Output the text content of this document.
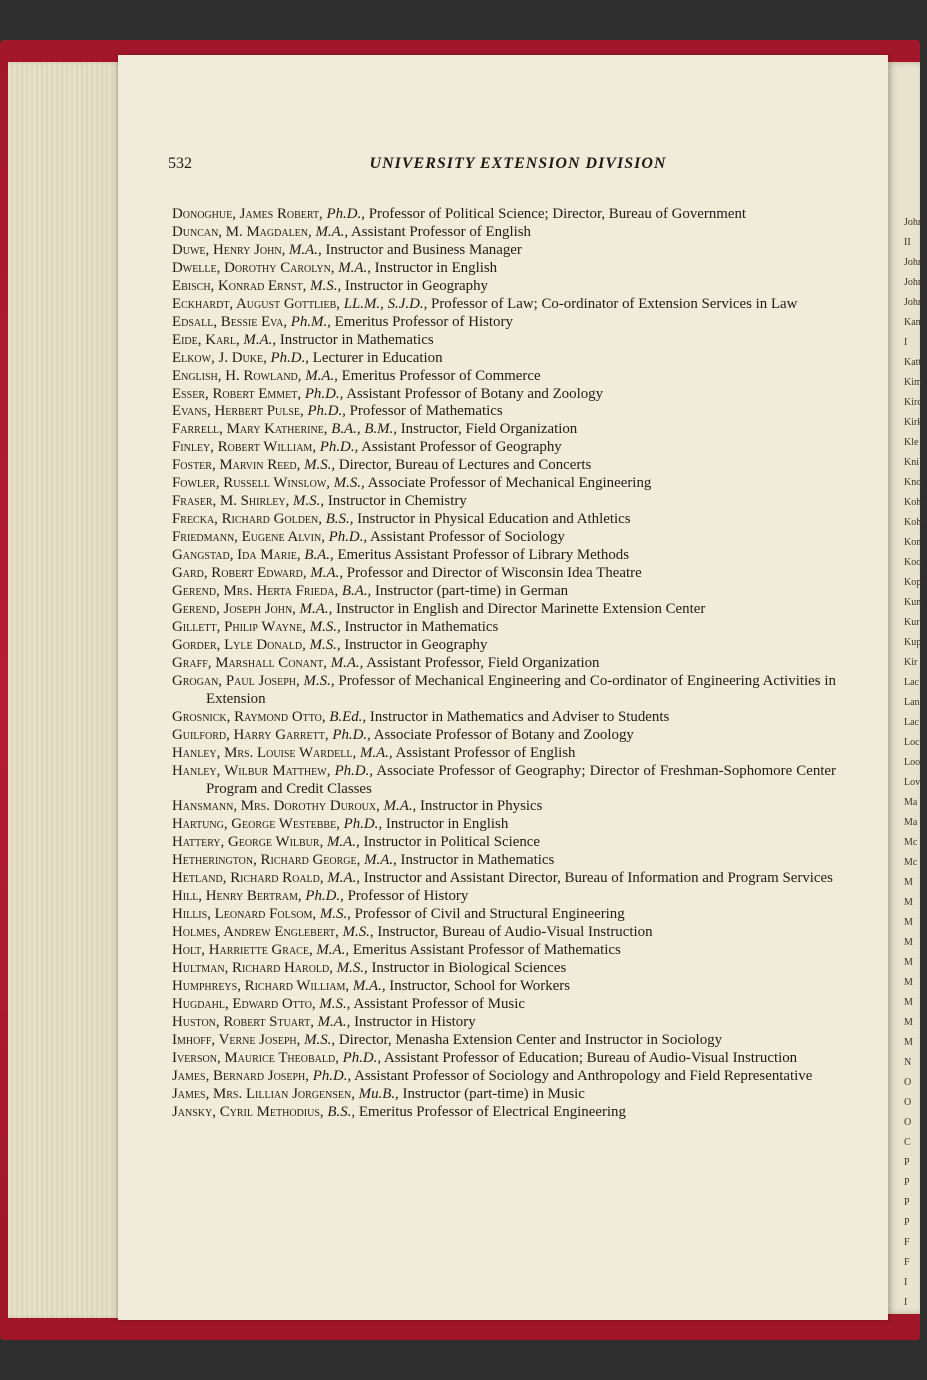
532	UNIVERSITY EXTENSION DIVISION
Donoghue, James Robert, Ph.D., Professor of Political Science; Director, Bureau of Government
Duncan, M. Magdalen, M.A., Assistant Professor of English
Duwe, Henry John, M.A., Instructor and Business Manager
Dwelle, Dorothy Carolyn, M.A., Instructor in English
Ebisch, Konrad Ernst, M.S., Instructor in Geography
Eckhardt, August Gottlieb, LL.M., S.J.D., Professor of Law; Co-ordinator of Extension Services in Law
Edsall, Bessie Eva, Ph.M., Emeritus Professor of History
Eide, Karl, M.A., Instructor in Mathematics
Elkow, J. Duke, Ph.D., Lecturer in Education
English, H. Rowland, M.A., Emeritus Professor of Commerce
Esser, Robert Emmet, Ph.D., Assistant Professor of Botany and Zoology
Evans, Herbert Pulse, Ph.D., Professor of Mathematics
Farrell, Mary Katherine, B.A., B.M., Instructor, Field Organization
Finley, Robert William, Ph.D., Assistant Professor of Geography
Foster, Marvin Reed, M.S., Director, Bureau of Lectures and Concerts
Fowler, Russell Winslow, M.S., Associate Professor of Mechanical Engineering
Fraser, M. Shirley, M.S., Instructor in Chemistry
Frecka, Richard Golden, B.S., Instructor in Physical Education and Athletics
Friedmann, Eugene Alvin, Ph.D., Assistant Professor of Sociology
Gangstad, Ida Marie, B.A., Emeritus Assistant Professor of Library Methods
Gard, Robert Edward, M.A., Professor and Director of Wisconsin Idea Theatre
Gerend, Mrs. Herta Frieda, B.A., Instructor (part-time) in German
Gerend, Joseph John, M.A., Instructor in English and Director Marinette Extension Center
Gillett, Philip Wayne, M.S., Instructor in Mathematics
Gorder, Lyle Donald, M.S., Instructor in Geography
Graff, Marshall Conant, M.A., Assistant Professor, Field Organization
Grogan, Paul Joseph, M.S., Professor of Mechanical Engineering and Co-ordinator of Engineering Activities in Extension
Grosnick, Raymond Otto, B.Ed., Instructor in Mathematics and Adviser to Students
Guilford, Harry Garrett, Ph.D., Associate Professor of Botany and Zoology
Hanley, Mrs. Louise Wardell, M.A., Assistant Professor of English
Hanley, Wilbur Matthew, Ph.D., Associate Professor of Geography; Director of Freshman-Sophomore Center Program and Credit Classes
Hansmann, Mrs. Dorothy Duroux, M.A., Instructor in Physics
Hartung, George Westebbe, Ph.D., Instructor in English
Hattery, George Wilbur, M.A., Instructor in Political Science
Hetherington, Richard George, M.A., Instructor in Mathematics
Hetland, Richard Roald, M.A., Instructor and Assistant Director, Bureau of Information and Program Services
Hill, Henry Bertram, Ph.D., Professor of History
Hillis, Leonard Folsom, M.S., Professor of Civil and Structural Engineering
Holmes, Andrew Englebert, M.S., Instructor, Bureau of Audio-Visual Instruction
Holt, Harriette Grace, M.A., Emeritus Assistant Professor of Mathematics
Hultman, Richard Harold, M.S., Instructor in Biological Sciences
Humphreys, Richard William, M.A., Instructor, School for Workers
Hugdahl, Edward Otto, M.S., Assistant Professor of Music
Huston, Robert Stuart, M.A., Instructor in History
Imhoff, Verne Joseph, M.S., Director, Menasha Extension Center and Instructor in Sociology
Iverson, Maurice Theobald, Ph.D., Assistant Professor of Education; Bureau of Audio-Visual Instruction
James, Bernard Joseph, Ph.D., Assistant Professor of Sociology and Anthropology and Field Representative
James, Mrs. Lillian Jorgensen, Mu.B., Instructor (part-time) in Music
Jansky, Cyril Methodius, B.S., Emeritus Professor of Electrical Engineering
Johns
II
Johns
Johns
Johns
Kam
I
Katt
Kim
Kirc
Kirk
Kle
Kni
Kno
Kohl
Kohl
Kon
Koo
Kopi
Kun
Kur
Kup
Kir
Lac
Lan
Lac
Loc
Loo
Lov
Ma
Ma
Mc
Mc
M
M
M
M
M
M
M
M
M
N
O
O
O
C
P
P
P
P
F
F
I
I
